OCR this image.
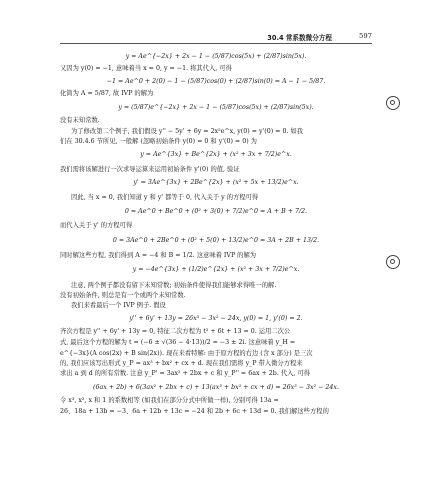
30.4 常系数微分方程	597
y = Ae^{−2x} + 2x − 1 − (5/87)cos(5x) + (2/87)sin(5x).
又因为 y(0) = −1, 意味着当 x = 0, y = −1. 将其代入, 可得
−1 = Ae^0 + 2(0) − 1 − (5/87)cos(0) + (2/87)sin(0) = A − 1 − 5/87.
化简为 A = 5/87, 故 IVP 的解为
y = (5/87)e^{−2x} + 2x − 1 − (5/87)cos(5x) + (2/87)sin(5x).
没有未知常数.
为了修改第二个例子, 我们假设 y'' − 5y' + 6y = 2x²e^x, y(0) = y'(0) = 0. 如我
们在 30.4.6 节所见, 一般解 (忽略初始条件 y(0) = 0 和 y'(0) = 0) 为
y = Ae^{3x} + Be^{2x} + (x² + 3x + 7/2)e^x.
我们需将该解进行一次求导运算来运用初始条件 y'(0) 的值, 验证
y' = 3Ae^{3x} + 2Be^{2x} + (x² + 5x + 13/2)e^x.
因此, 当 x = 0, 我们知道 y 和 y' 都等于 0, 代入关于 y 的方程可得
0 = Ae^0 + Be^0 + (0² + 3(0) + 7/2)e^0 = A + B + 7/2.
而代入关于 y' 的方程可得
0 = 3Ae^0 + 2Be^0 + (0² + 5(0) + 13/2)e^0 = 3A + 2B + 13/2.
同时解这些方程, 我们得到 A = −4 和 B = 1/2. 这意味着 IVP 的解为
y = −4e^{3x} + (1/2)e^{2x} + (x² + 3x + 7/2)e^x.
注意, 两个例子都没有留下未知常数; 初始条件使得我们能够求得唯一的解.
没有初始条件, 则总是有一个或两个未知常数.
我们来看最后一个 IVP 例子. 假设
y'' + 6y' + 13y = 26x³ − 3x² − 24x, y(0) = 1, y'(0) = 2.
齐次方程是 y'' + 6y' + 13y = 0, 特征二次方程为 t² + 6t + 13 = 0. 运用二次公
式, 最后这个方程的解为 t = (−6 ± √(36 − 4·13))/2 = −3 ± 2i. 这意味着 y_H =
e^{−3x}(A cos(2x) + B sin(2x)). 现在来看特解: 由于原方程的右边 (含 x 部分) 是三次
的, 我们应该写出形式 y_P = ax³ + bx² + cx + d. 现在我们需将 y_P 带入微分方程来
求出 a 到 d 的所有常数. 注意 y_P' = 3ax² + 2bx + c 和 y_P'' = 6ax + 2b. 代入, 可得
(6ax + 2b) + 6(3ax² + 2bx + c) + 13(ax³ + bx² + cx + d) = 26x³ − 3x² − 24x.
令 x³, x², x 和 1 的系数相等 (如我们在部分分式中所做一样), 分别可得 13a =
26、18a + 13b = −3、6a + 12b + 13c = −24 和 2b + 6c + 13d = 0. 我们解这些方程的
